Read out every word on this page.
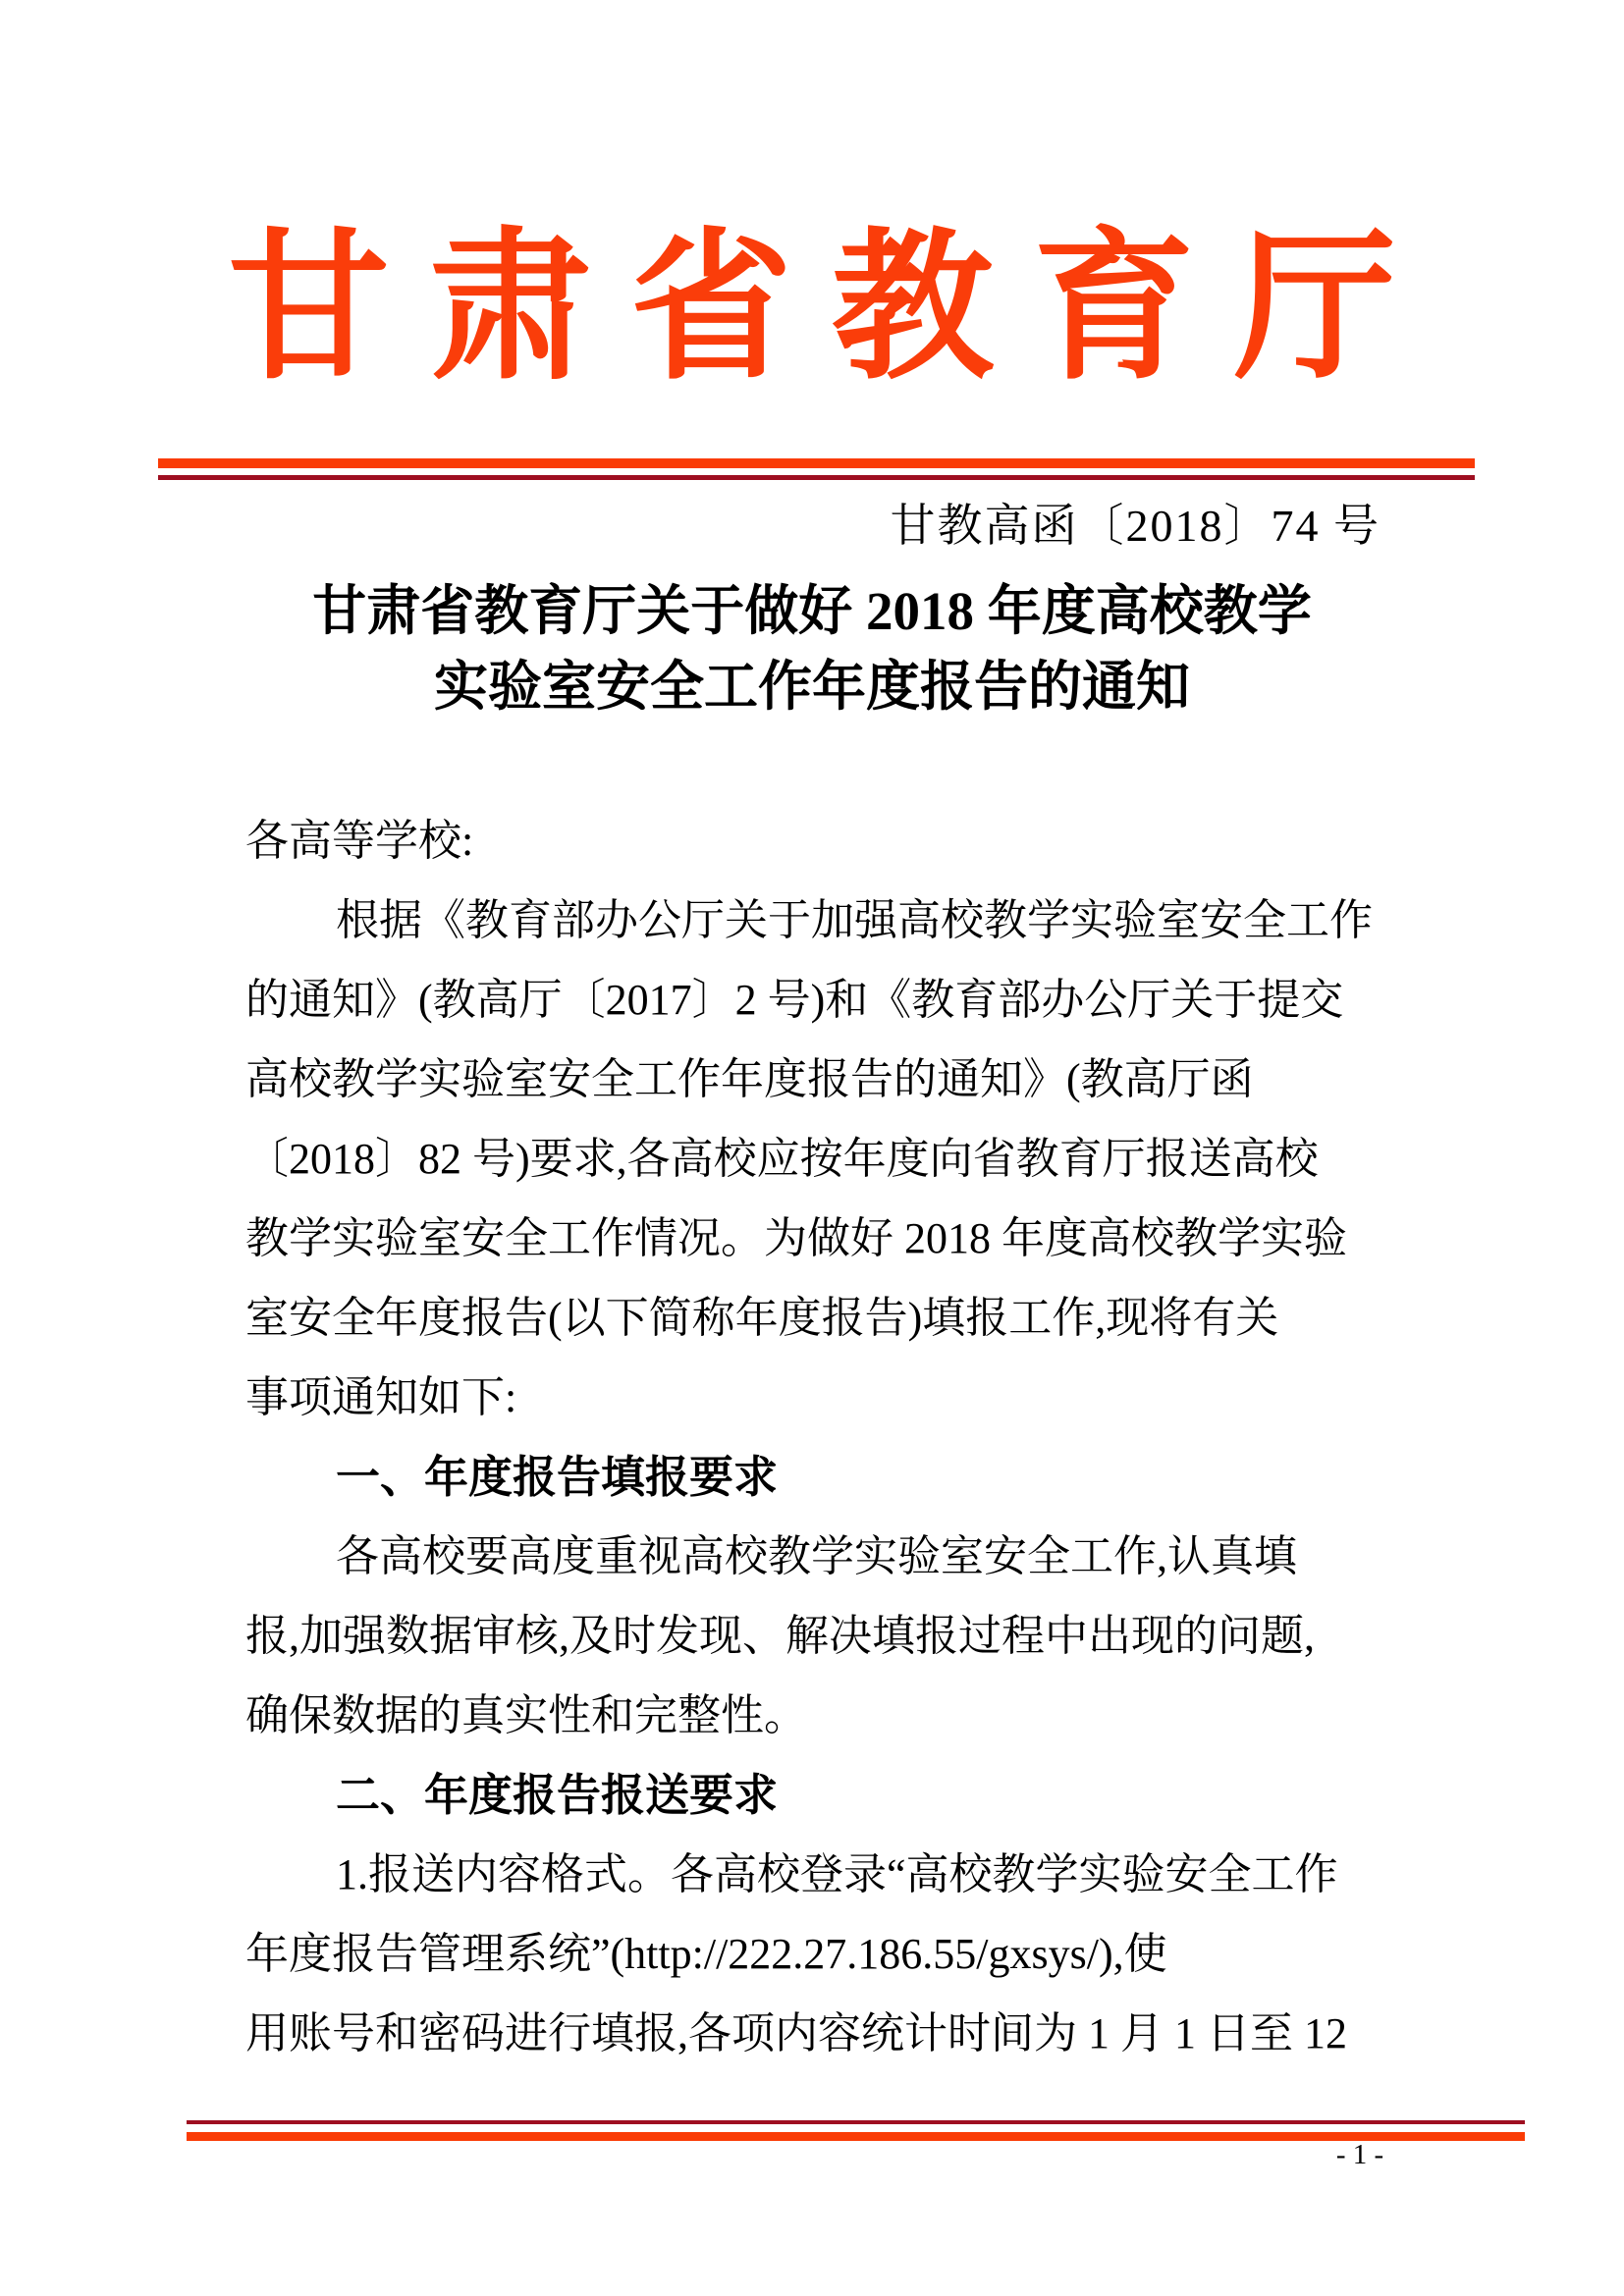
甘肃省教育厅
甘教高函〔2018〕74 号
甘肃省教育厅关于做好 2018 年度高校教学
实验室安全工作年度报告的通知
各高等学校:
根据《教育部办公厅关于加强高校教学实验室安全工作
的通知》(教高厅〔2017〕2 号)和《教育部办公厅关于提交
高校教学实验室安全工作年度报告的通知》(教高厅函
〔2018〕82 号)要求,各高校应按年度向省教育厅报送高校
教学实验室安全工作情况。为做好 2018 年度高校教学实验
室安全年度报告(以下简称年度报告)填报工作,现将有关
事项通知如下:
一、年度报告填报要求
各高校要高度重视高校教学实验室安全工作,认真填
报,加强数据审核,及时发现、解决填报过程中出现的问题,
确保数据的真实性和完整性。
二、年度报告报送要求
1.报送内容格式。各高校登录“高校教学实验安全工作
年度报告管理系统”(http://222.27.186.55/gxsys/),使
用账号和密码进行填报,各项内容统计时间为 1 月 1 日至 12
- 1 -
